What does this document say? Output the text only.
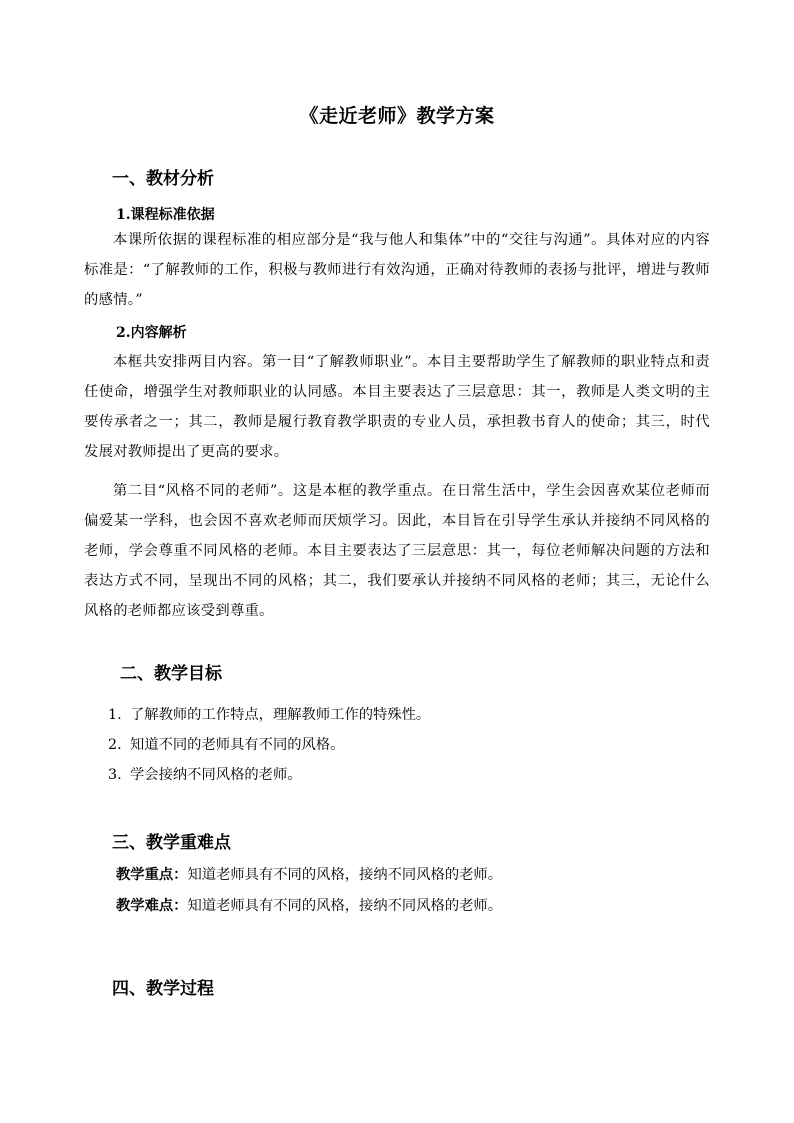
《走近老师》教学方案
一、教材分析
1.课程标准依据
本课所依据的课程标准的相应部分是“我与他人和集体”中的“交往与沟通”。具体对应的内容标准是：“了解教师的工作，积极与教师进行有效沟通，正确对待教师的表扬与批评，增进与教师的感情。”
2.内容解析
本框共安排两目内容。第一目“了解教师职业”。本目主要帮助学生了解教师的职业特点和责任使命，增强学生对教师职业的认同感。本目主要表达了三层意思：其一，教师是人类文明的主要传承者之一；其二，教师是履行教育教学职责的专业人员，承担教书育人的使命；其三，时代发展对教师提出了更高的要求。
第二目“风格不同的老师”。这是本框的教学重点。在日常生活中，学生会因喜欢某位老师而偏爱某一学科，也会因不喜欢老师而厌烦学习。因此，本目旨在引导学生承认并接纳不同风格的老师，学会尊重不同风格的老师。本目主要表达了三层意思：其一，每位老师解决问题的方法和表达方式不同，呈现出不同的风格；其二，我们要承认并接纳不同风格的老师；其三，无论什么风格的老师都应该受到尊重。
二、教学目标
1. 了解教师的工作特点，理解教师工作的特殊性。
2. 知道不同的老师具有不同的风格。
3. 学会接纳不同风格的老师。
三、教学重难点
教学重点：知道老师具有不同的风格，接纳不同风格的老师。
教学难点：知道老师具有不同的风格，接纳不同风格的老师。
四、教学过程
